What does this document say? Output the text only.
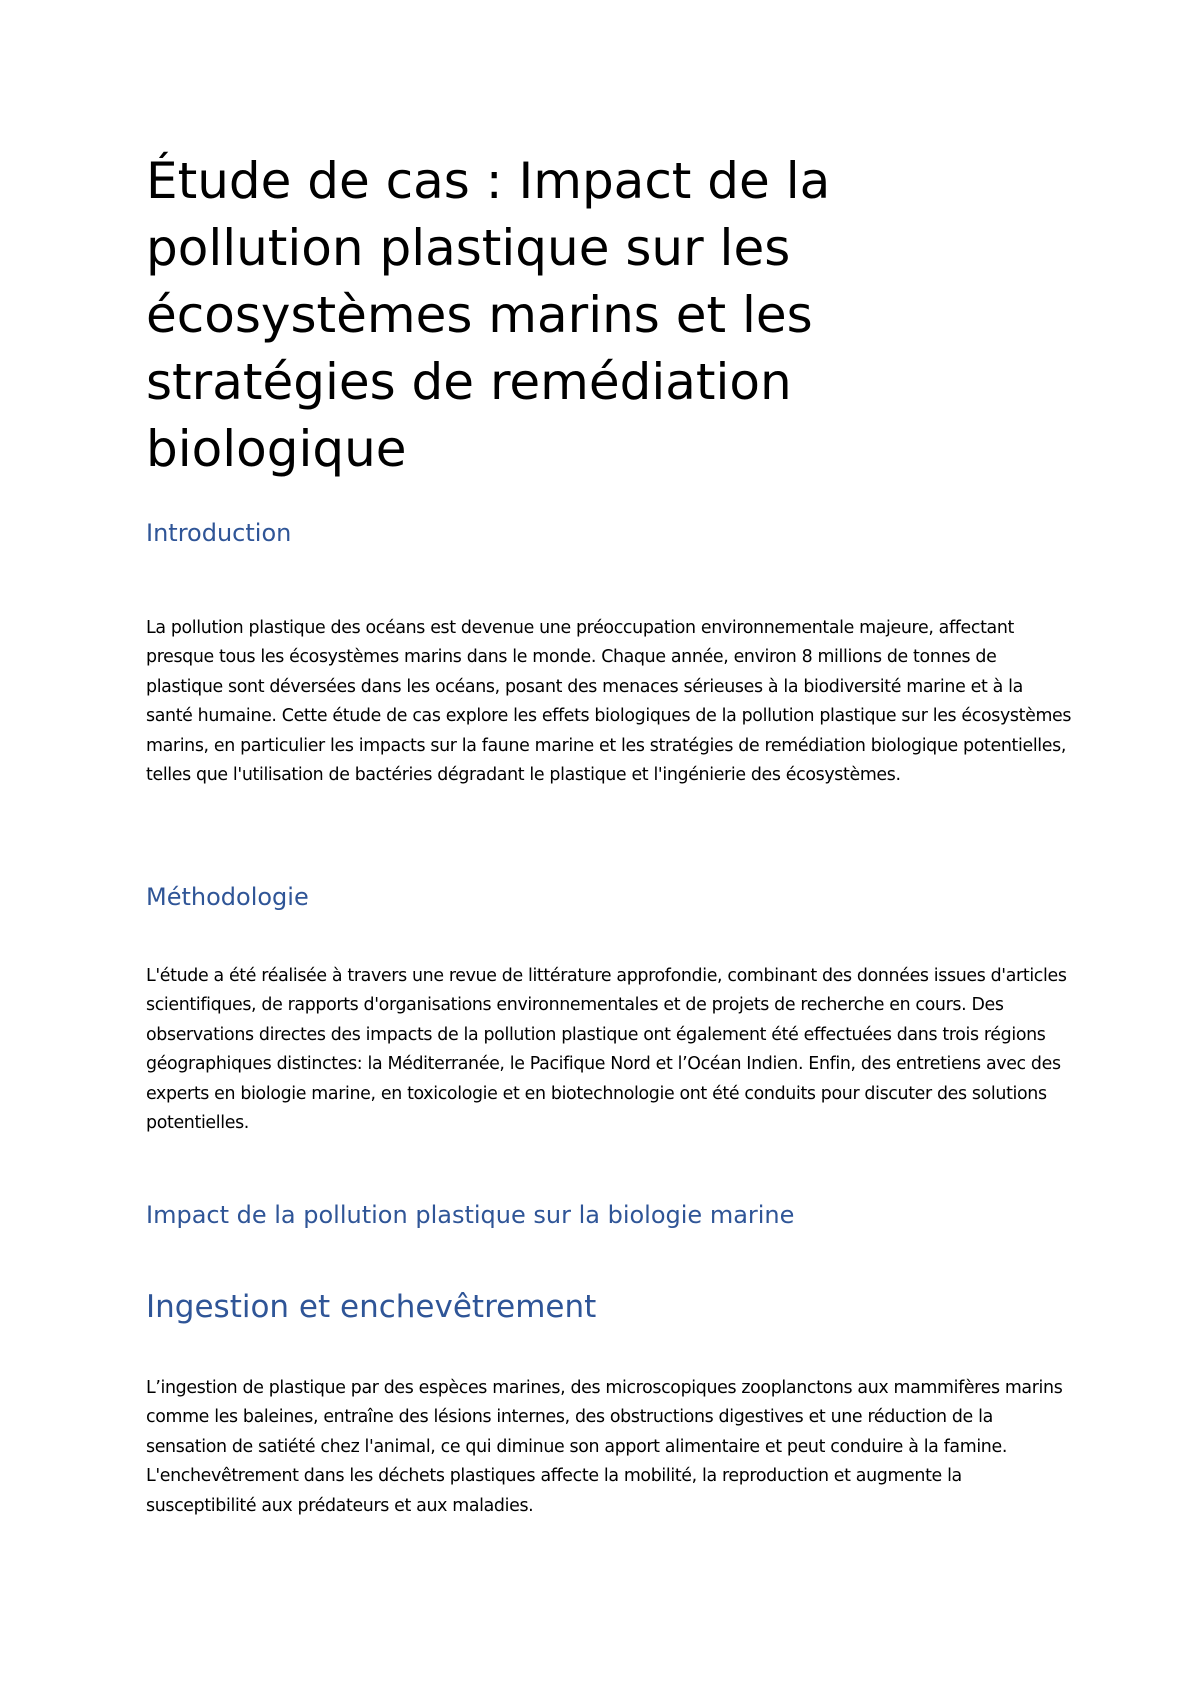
Étude de cas : Impact de la pollution plastique sur les écosystèmes marins et les stratégies de remédiation biologique
Introduction

La pollution plastique des océans est devenue une préoccupation environnementale majeure, affectant presque tous les écosystèmes marins dans le monde. Chaque année, environ 8 millions de tonnes de plastique sont déversées dans les océans, posant des menaces sérieuses à la biodiversité marine et à la santé humaine. Cette étude de cas explore les effets biologiques de la pollution plastique sur les écosystèmes marins, en particulier les impacts sur la faune marine et les stratégies de remédiation biologique potentielles, telles que l'utilisation de bactéries dégradant le plastique et l'ingénierie des écosystèmes.

Méthodologie

L'étude a été réalisée à travers une revue de littérature approfondie, combinant des données issues d'articles scientifiques, de rapports d'organisations environnementales et de projets de recherche en cours. Des observations directes des impacts de la pollution plastique ont également été effectuées dans trois régions géographiques distinctes: la Méditerranée, le Pacifique Nord et l’Océan Indien. Enfin, des entretiens avec des experts en biologie marine, en toxicologie et en biotechnologie ont été conduits pour discuter des solutions potentielles.

Impact de la pollution plastique sur la biologie marine
Ingestion et enchevêtrement

L’ingestion de plastique par des espèces marines, des microscopiques zooplanctons aux mammifères marins comme les baleines, entraîne des lésions internes, des obstructions digestives et une réduction de la sensation de satiété chez l'animal, ce qui diminue son apport alimentaire et peut conduire à la famine. L'enchevêtrement dans les déchets plastiques affecte la mobilité, la reproduction et augmente la susceptibilité aux prédateurs et aux maladies.
